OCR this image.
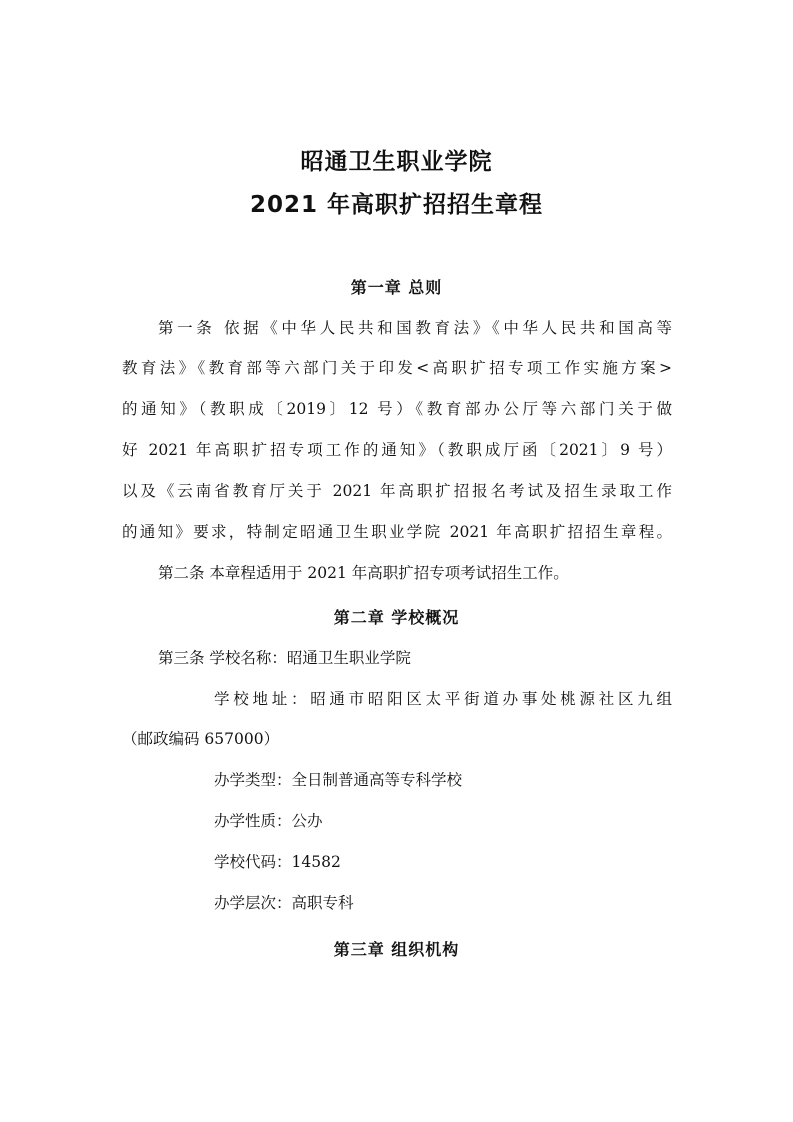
昭通卫生职业学院
2021 年高职扩招招生章程
第一章 总则
第一条 依据《中华人民共和国教育法》《中华人民共和国高等
教育法》《教育部等六部门关于印发<高职扩招专项工作实施方案>
的通知》（教职成〔2019〕12 号）《教育部办公厅等六部门关于做
好 2021 年高职扩招专项工作的通知》（教职成厅函〔2021〕9 号）
以及《云南省教育厅关于 2021 年高职扩招报名考试及招生录取工作
的通知》要求，特制定昭通卫生职业学院 2021 年高职扩招招生章程。
第二条 本章程适用于 2021 年高职扩招专项考试招生工作。
第二章 学校概况
第三条 学校名称：昭通卫生职业学院
学校地址：昭通市昭阳区太平街道办事处桃源社区九组
（邮政编码 657000）
办学类型：全日制普通高等专科学校
办学性质：公办
学校代码：14582
办学层次：高职专科
第三章 组织机构
